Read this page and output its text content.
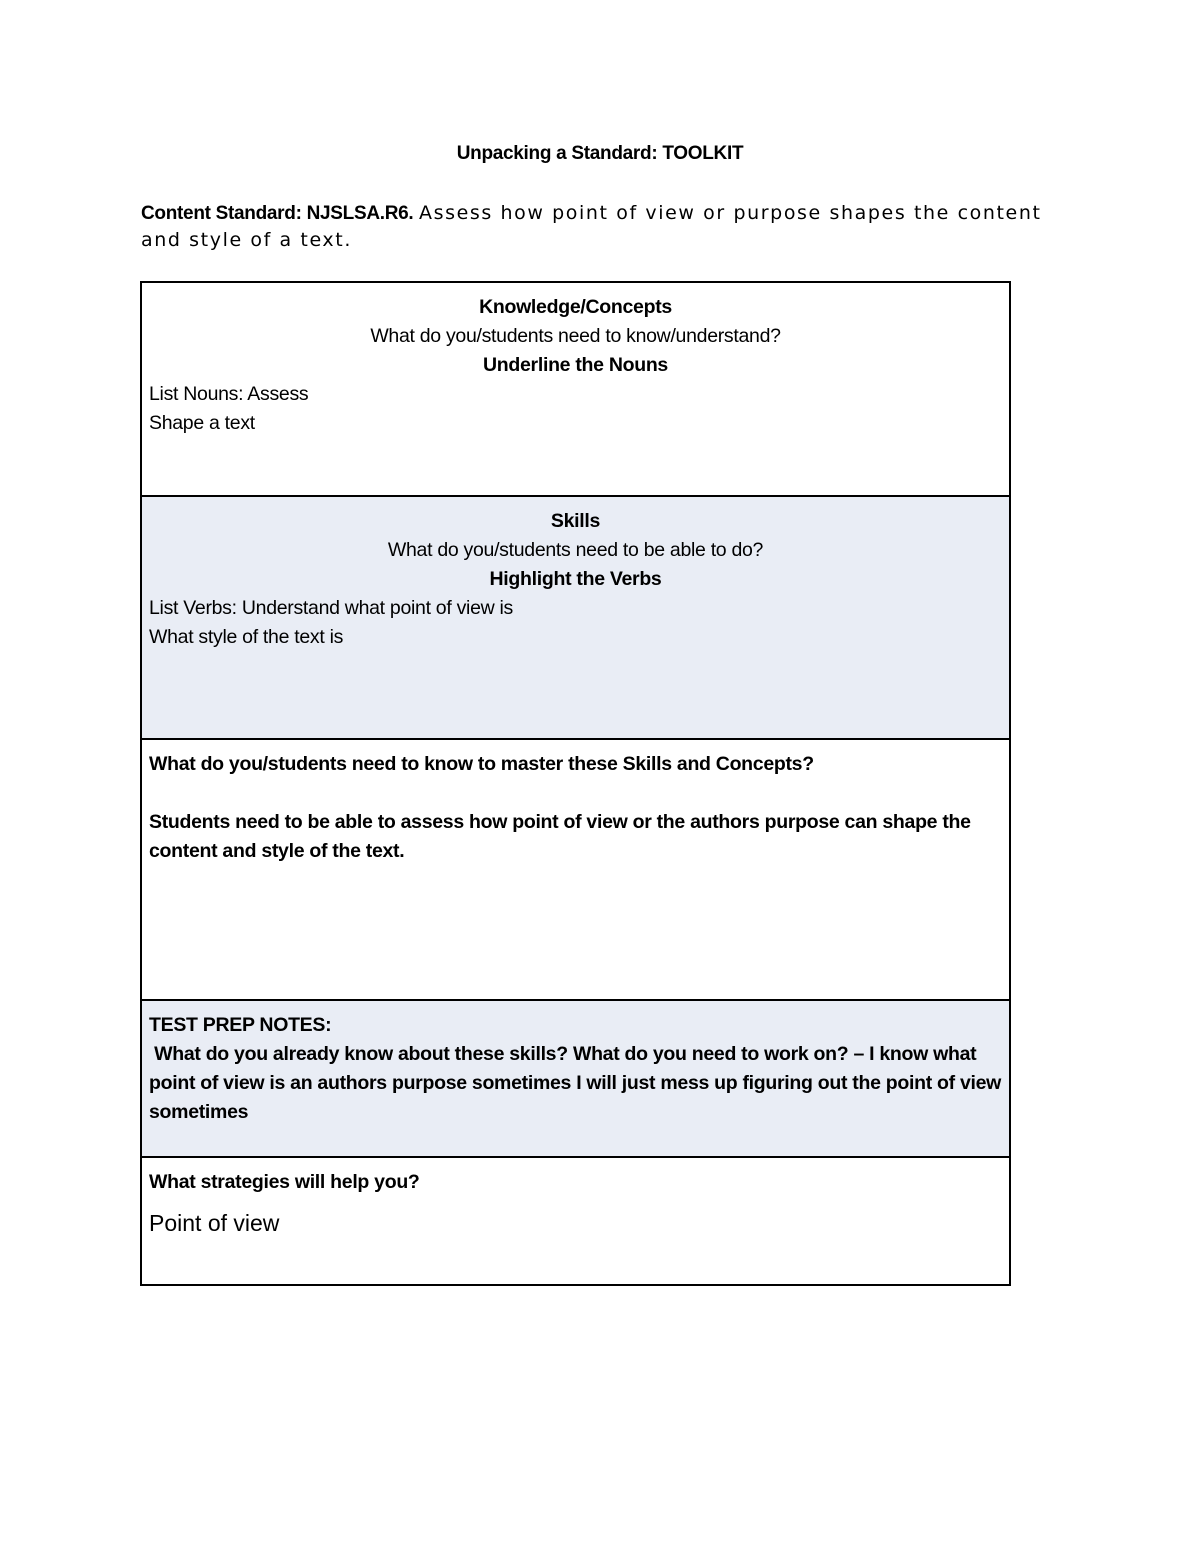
Unpacking a Standard: TOOLKIT
Content Standard: NJSLSA.R6. Assess how point of view or purpose shapes the content and style of a text.
Knowledge/Concepts
What do you/students need to know/understand?
Underline the Nouns
List Nouns: Assess
Shape a text
Skills
What do you/students need to be able to do?
Highlight the Verbs
List Verbs: Understand what point of view is
What style of the text is
What do you/students need to know to master these Skills and Concepts?
Students need to be able to assess how point of view or the authors purpose can shape the content and style of the text.
TEST PREP NOTES:
What do you already know about these skills? What do you need to work on? – I know what point of view is an authors purpose sometimes I will just mess up figuring out the point of view sometimes
What strategies will help you?
Point of view
